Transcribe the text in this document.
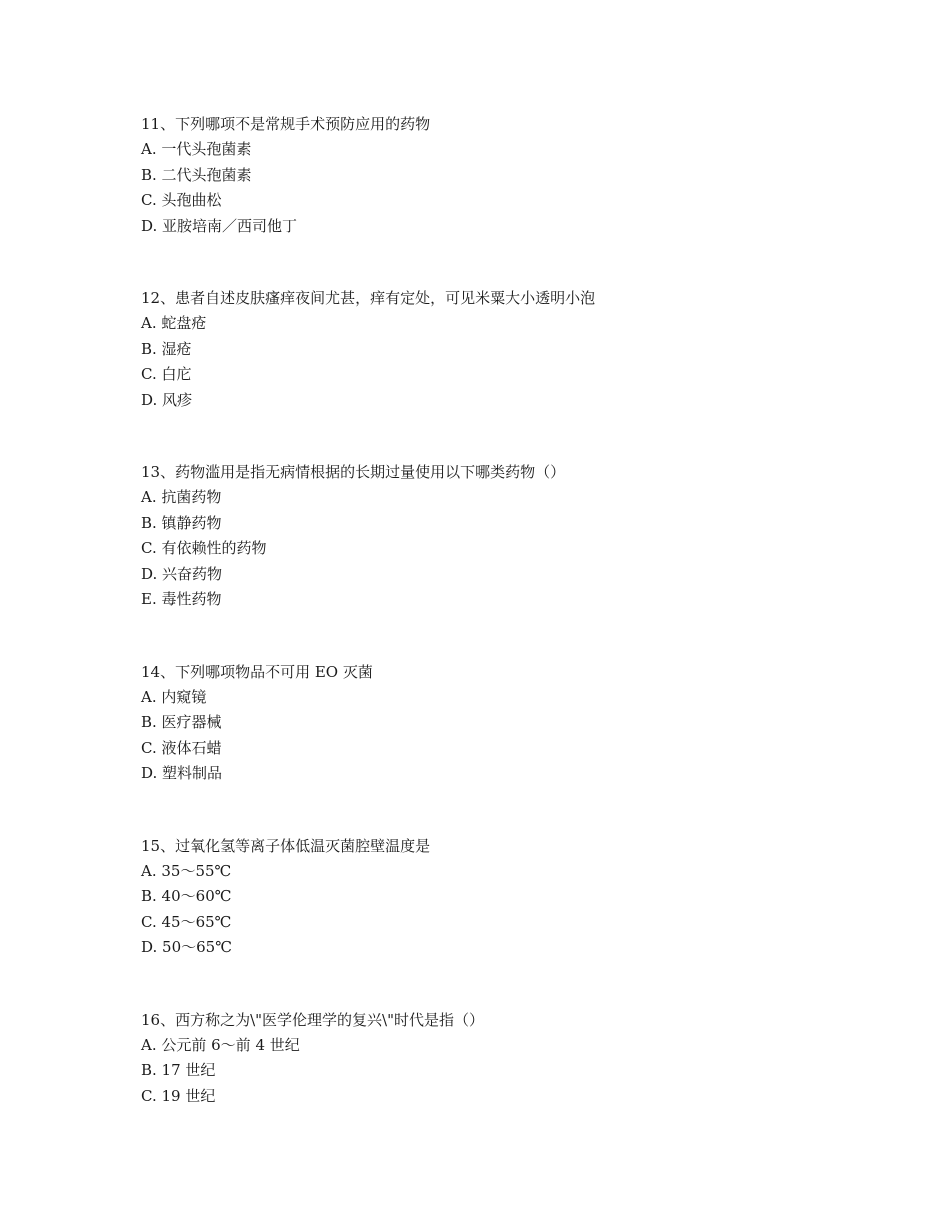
11、下列哪项不是常规手术预防应用的药物
A. 一代头孢菌素
B. 二代头孢菌素
C. 头孢曲松
D. 亚胺培南／西司他丁
12、患者自述皮肤瘙痒夜间尤甚，痒有定处，可见米粟大小透明小泡
A. 蛇盘疮
B. 湿疮
C. 白庀
D. 风疹
13、药物滥用是指无病情根据的长期过量使用以下哪类药物（）
A. 抗菌药物
B. 镇静药物
C. 有依赖性的药物
D. 兴奋药物
E. 毒性药物
14、下列哪项物品不可用 EO 灭菌
A. 内窥镜
B. 医疗器械
C. 液体石蜡
D. 塑料制品
15、过氧化氢等离子体低温灭菌腔壁温度是
A. 35～55℃
B. 40～60℃
C. 45～65℃
D. 50～65℃
16、西方称之为\"医学伦理学的复兴\"时代是指（）
A. 公元前 6～前 4 世纪
B. 17 世纪
C. 19 世纪
